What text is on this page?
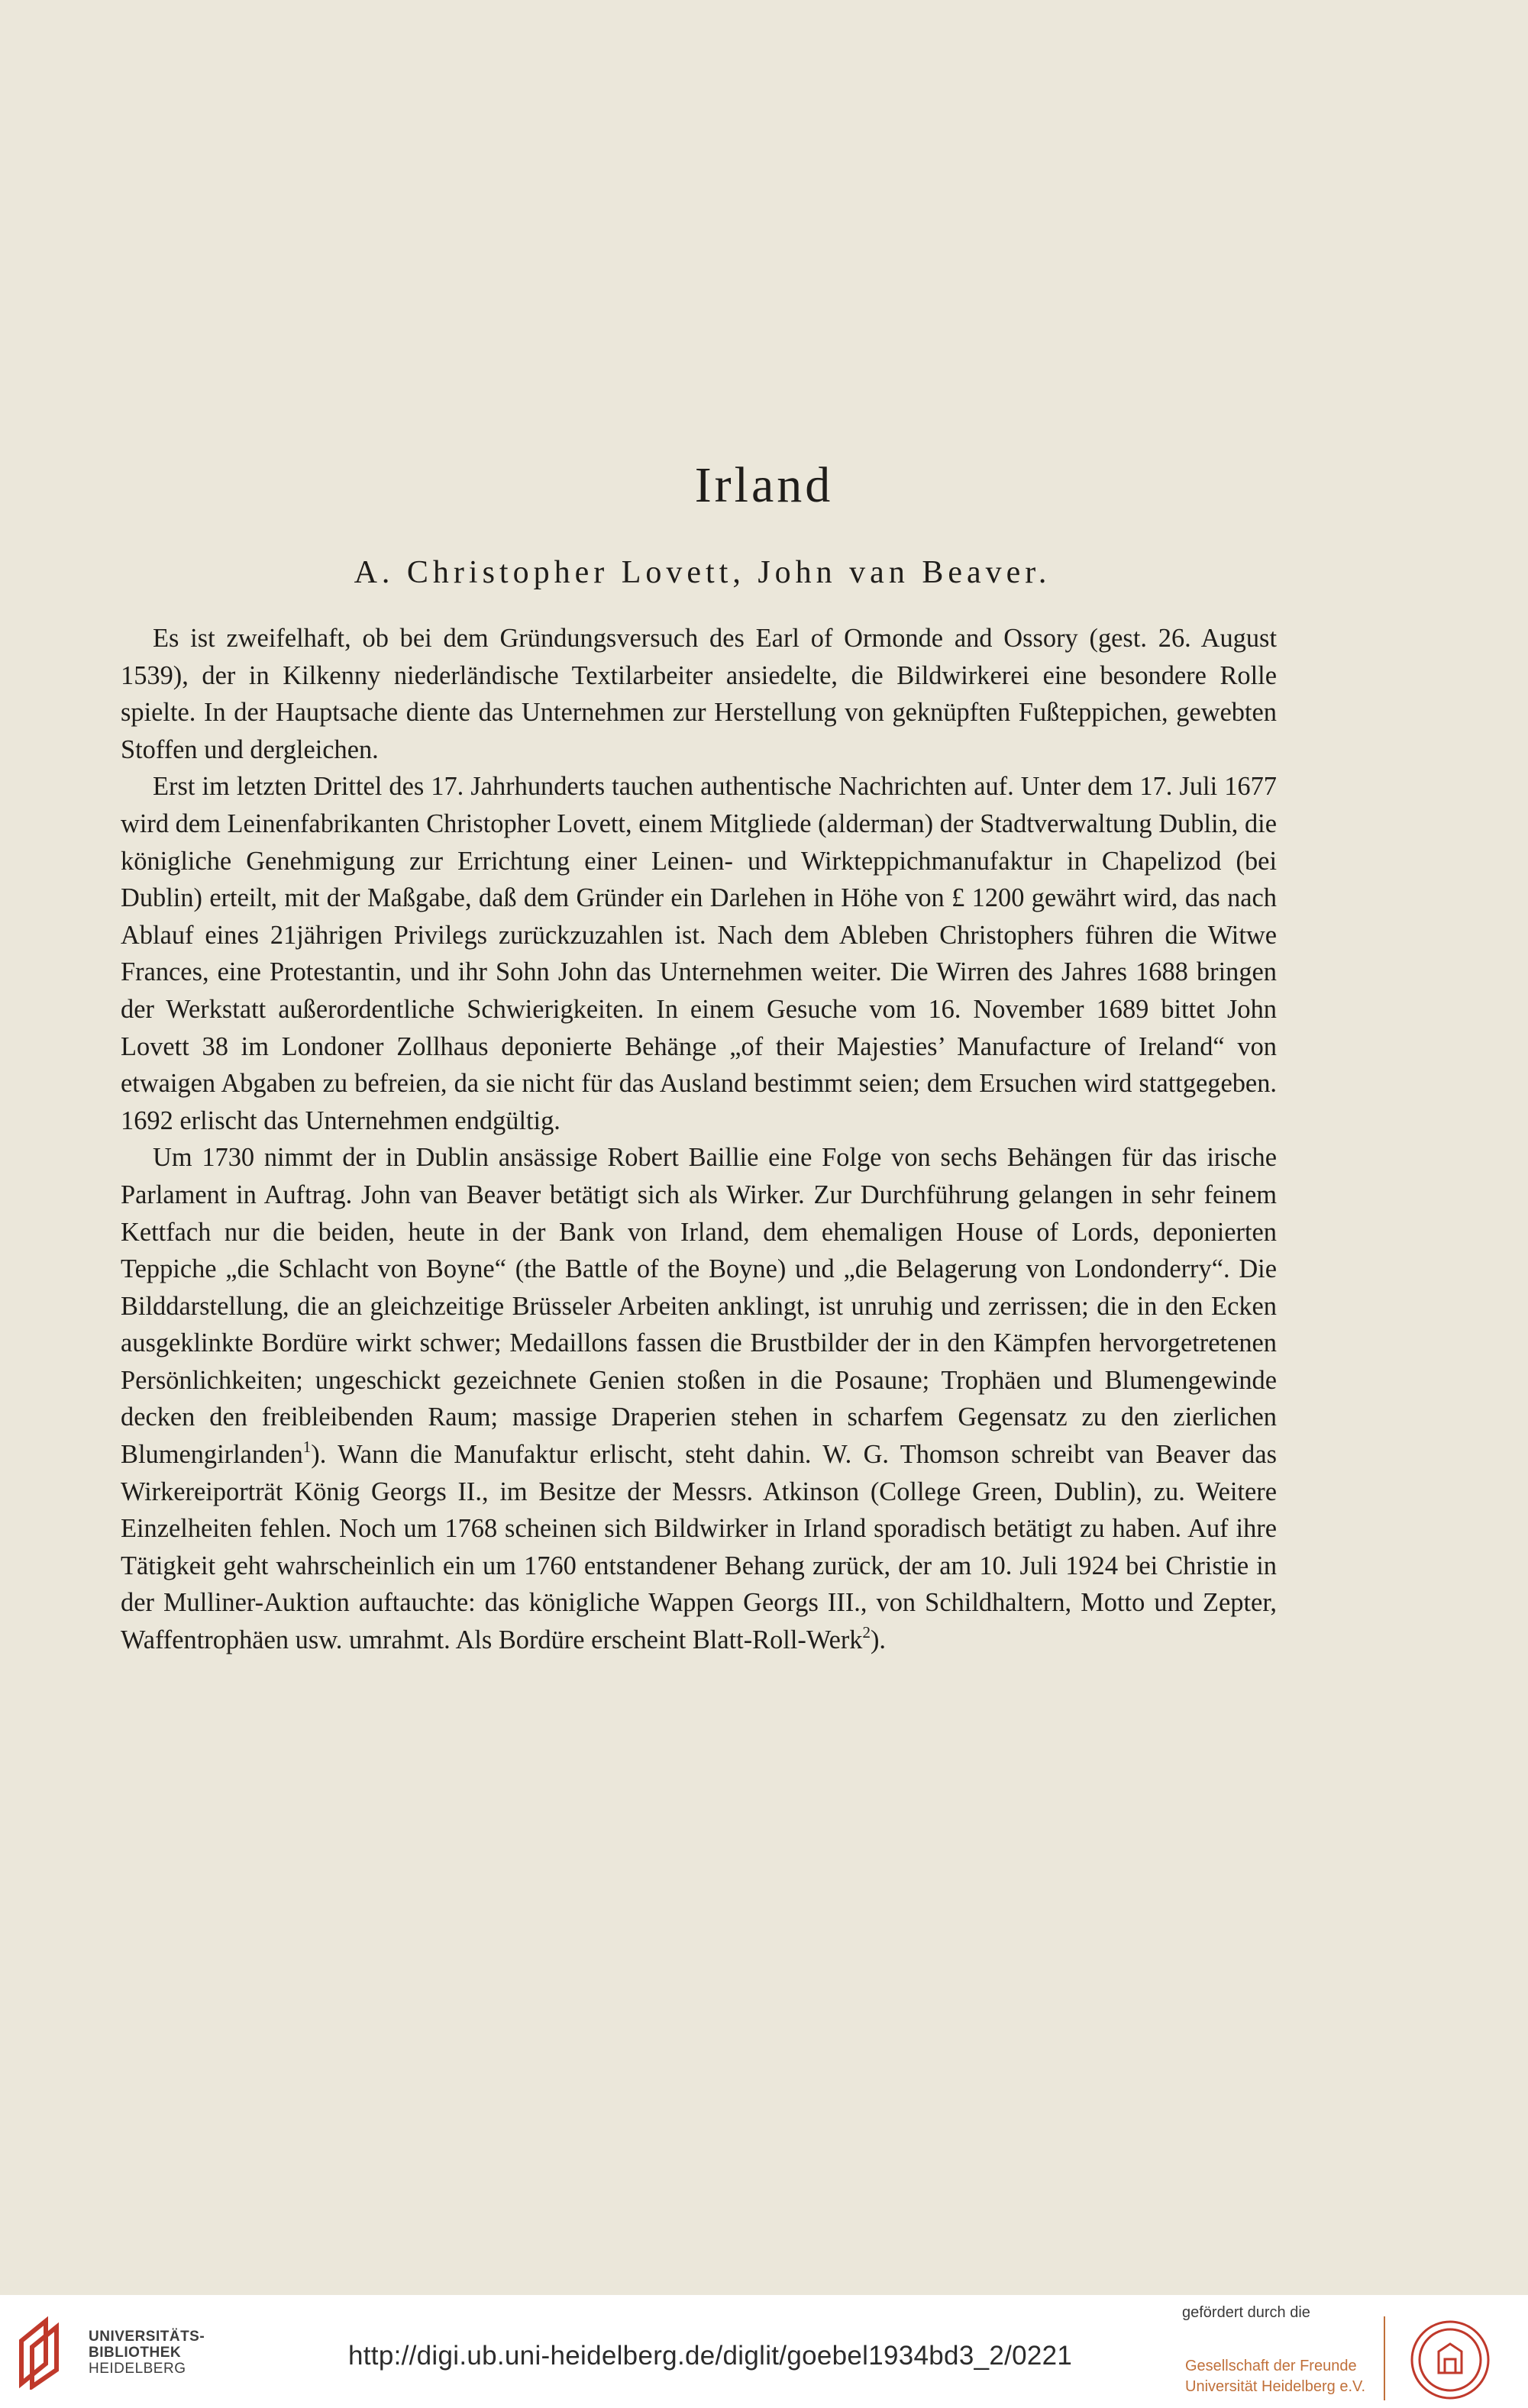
Irland
A. Christopher Lovett, John van Beaver.

Es ist zweifelhaft, ob bei dem Gründungsversuch des Earl of Ormonde and Ossory (gest. 26. August 1539), der in Kilkenny niederländische Textilarbeiter ansiedelte, die Bildwirkerei eine besondere Rolle spielte. In der Hauptsache diente das Unternehmen zur Herstellung von geknüpften Fußteppichen, gewebten Stoffen und dergleichen.

Erst im letzten Drittel des 17. Jahrhunderts tauchen authentische Nachrichten auf. Unter dem 17. Juli 1677 wird dem Leinenfabrikanten Christopher Lovett, einem Mitgliede (alderman) der Stadtverwaltung Dublin, die königliche Genehmigung zur Errichtung einer Leinen- und Wirkteppichmanufaktur in Chapelizod (bei Dublin) erteilt, mit der Maßgabe, daß dem Gründer ein Darlehen in Höhe von £ 1200 gewährt wird, das nach Ablauf eines 21jährigen Privilegs zurückzuzahlen ist. Nach dem Ableben Christophers führen die Witwe Frances, eine Protestantin, und ihr Sohn John das Unternehmen weiter. Die Wirren des Jahres 1688 bringen der Werkstatt außerordentliche Schwierigkeiten. In einem Gesuche vom 16. November 1689 bittet John Lovett 38 im Londoner Zollhaus deponierte Behänge „of their Majesties’ Manufacture of Ireland“ von etwaigen Abgaben zu befreien, da sie nicht für das Ausland bestimmt seien; dem Ersuchen wird stattgegeben. 1692 erlischt das Unternehmen endgültig.

Um 1730 nimmt der in Dublin ansässige Robert Baillie eine Folge von sechs Behängen für das irische Parlament in Auftrag. John van Beaver betätigt sich als Wirker. Zur Durchführung gelangen in sehr feinem Kettfach nur die beiden, heute in der Bank von Irland, dem ehemaligen House of Lords, deponierten Teppiche „die Schlacht von Boyne“ (the Battle of the Boyne) und „die Belagerung von Londonderry“. Die Bilddarstellung, die an gleichzeitige Brüsseler Arbeiten anklingt, ist unruhig und zerrissen; die in den Ecken ausgeklinkte Bordüre wirkt schwer; Medaillons fassen die Brustbilder der in den Kämpfen hervorgetretenen Persönlichkeiten; ungeschickt gezeichnete Genien stoßen in die Posaune; Trophäen und Blumengewinde decken den freibleibenden Raum; massige Draperien stehen in scharfem Gegensatz zu den zierlichen Blumengirlanden$^1$). Wann die Manufaktur erlischt, steht dahin. W. G. Thomson schreibt van Beaver das Wirkereiporträt König Georgs II., im Besitze der Messrs. Atkinson (College Green, Dublin), zu. Weitere Einzelheiten fehlen. Noch um 1768 scheinen sich Bildwirker in Irland sporadisch betätigt zu haben. Auf ihre Tätigkeit geht wahrscheinlich ein um 1760 entstandener Behang zurück, der am 10. Juli 1924 bei Christie in der Mulliner-Auktion auftauchte: das königliche Wappen Georgs III., von Schildhaltern, Motto und Zepter, Waffentrophäen usw. umrahmt. Als Bordüre erscheint Blatt-Roll-Werk$^2$).

UNIVERSITÄTS-
BIBLIOTHEK
HEIDELBERG	http://digi.ub.uni-heidelberg.de/diglit/goebel1934bd3_2/0221
gefördert durch die
Gesellschaft der Freunde
Universität Heidelberg e.V.
